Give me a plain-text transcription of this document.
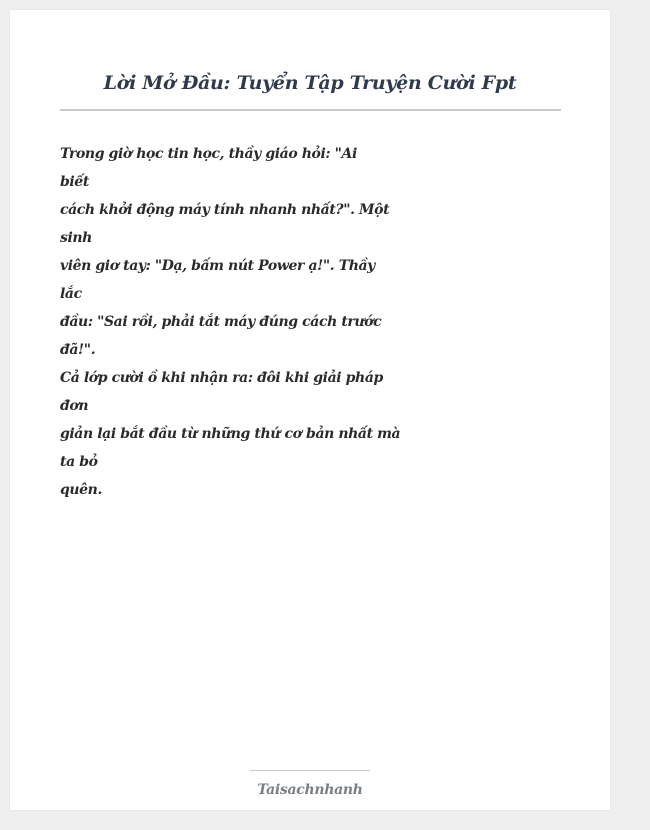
Lời Mở Đầu: Tuyển Tập Truyện Cười Fpt
Trong giờ học tin học, thầy giáo hỏi: "Ai
biết
cách khởi động máy tính nhanh nhất?". Một
sinh
viên giơ tay: "Dạ, bấm nút Power ạ!". Thầy
lắc
đầu: "Sai rồi, phải tắt máy đúng cách trước
đã!".
Cả lớp cười ồ khi nhận ra: đôi khi giải pháp
đơn
giản lại bắt đầu từ những thứ cơ bản nhất mà
ta bỏ
quên.
Taisachnhanh
